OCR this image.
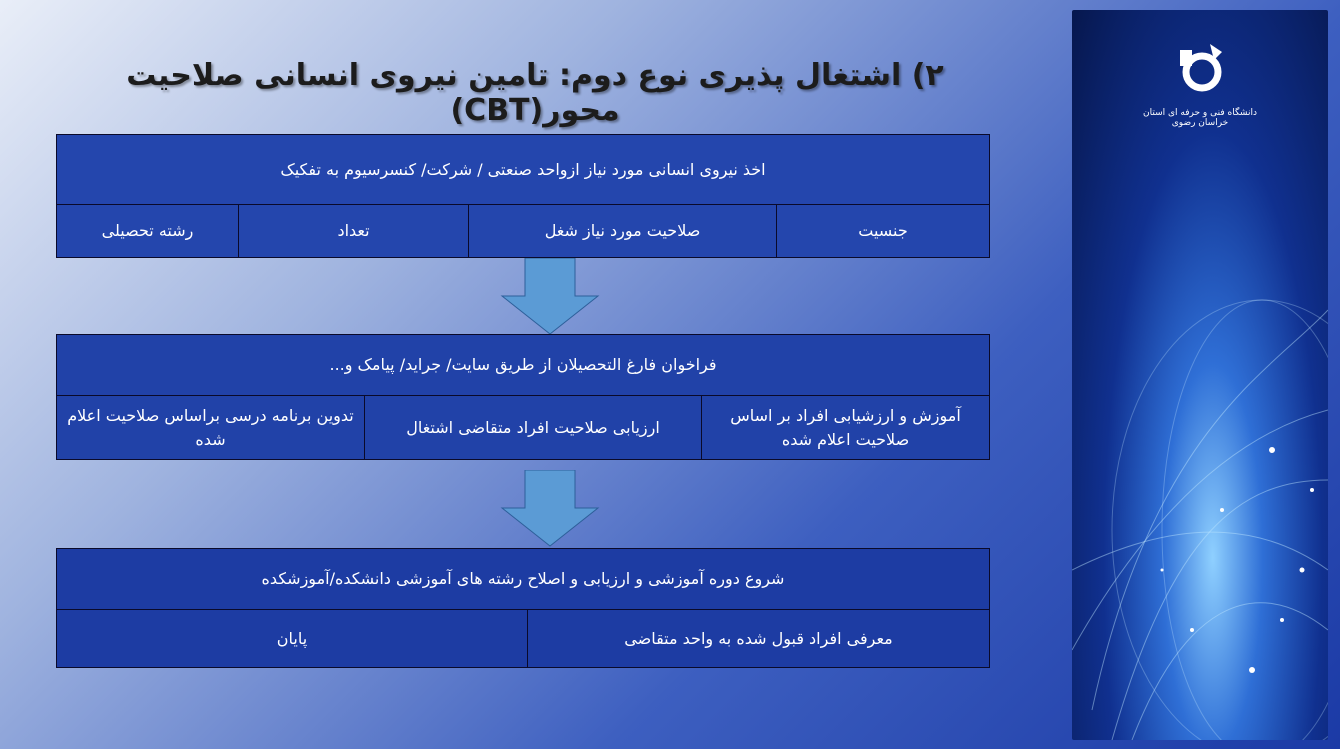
۲) اشتغال پذیری نوع دوم: تامین نیروی انسانی صلاحیت محور(CBT)
اخذ نیروی انسانی مورد نیاز ازواحد صنعتی / شرکت/ کنسرسیوم به تفکیک
جنسیت
صلاحیت مورد نیاز شغل
تعداد
رشته تحصیلی
فراخوان فارغ التحصیلان از طریق سایت/ جراید/ پیامک و...
آموزش و ارزشیابی افراد بر اساس صلاحیت اعلام شده
ارزیابی صلاحیت افراد متقاضی اشتغال
تدوین برنامه درسی براساس صلاحیت اعلام شده
شروع دوره آموزشی و ارزیابی و اصلاح رشته های آموزشی دانشکده/آموزشکده
معرفی افراد قبول شده به واحد متقاضی
پایان
دانشگاه فنی و حرفه ای استان خراسان رضوی
